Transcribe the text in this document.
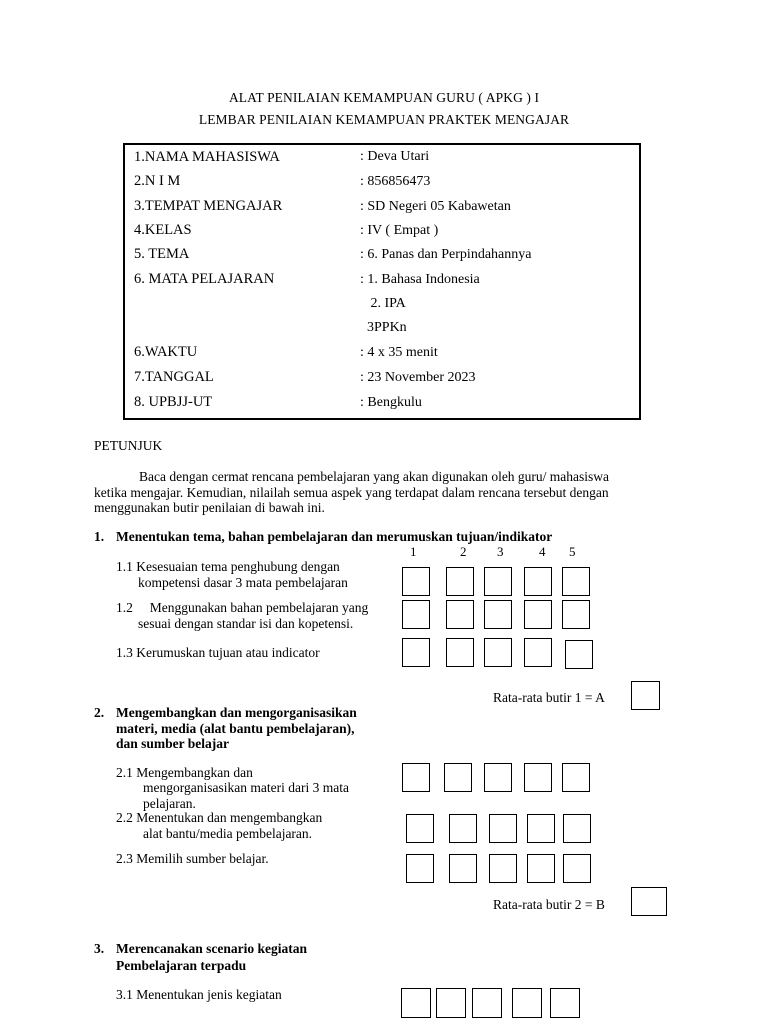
ALAT PENILAIAN KEMAMPUAN GURU ( APKG ) I
LEMBAR PENILAIAN KEMAMPUAN PRAKTEK MENGAJAR
1.NAMA MAHASISWA	: Deva Utari
2.N I M	: 856856473
3.TEMPAT MENGAJAR	: SD Negeri 05 Kabawetan
4.KELAS	: IV ( Empat )
5. TEMA	: 6. Panas dan Perpindahannya
6. MATA PELAJARAN	: 1. Bahasa Indonesia
2. IPA
3PPKn
6.WAKTU	: 4 x 35 menit
7.TANGGAL	: 23 November 2023
8. UPBJJ-UT	: Bengkulu
PETUNJUK
Baca dengan cermat rencana pembelajaran yang akan digunakan oleh guru/ mahasiswa
ketika mengajar. Kemudian, nilailah semua aspek yang terdapat dalam rencana tersebut dengan
menggunakan butir penilaian di bawah ini.
1. Menentukan tema, bahan pembelajaran dan merumuskan tujuan/indikator
1	2 3	4 5
1.1 Kesesuaian tema penghubung dengan
kompetensi dasar 3 mata pembelajaran
1.2     Menggunakan bahan pembelajaran yang
sesuai dengan standar isi dan kopetensi.
1.3 Kerumuskan tujuan atau indicator
Rata-rata butir 1 = A
2. Mengembangkan dan mengorganisasikan
materi, media (alat bantu pembelajaran),
dan sumber belajar
2.1 Mengembangkan dan
mengorganisasikan materi dari 3 mata
pelajaran.
2.2 Menentukan dan mengembangkan
alat bantu/media pembelajaran.
2.3 Memilih sumber belajar.
Rata-rata butir 2 = B
3. Merencanakan scenario kegiatan
Pembelajaran terpadu
3.1 Menentukan jenis kegiatan
